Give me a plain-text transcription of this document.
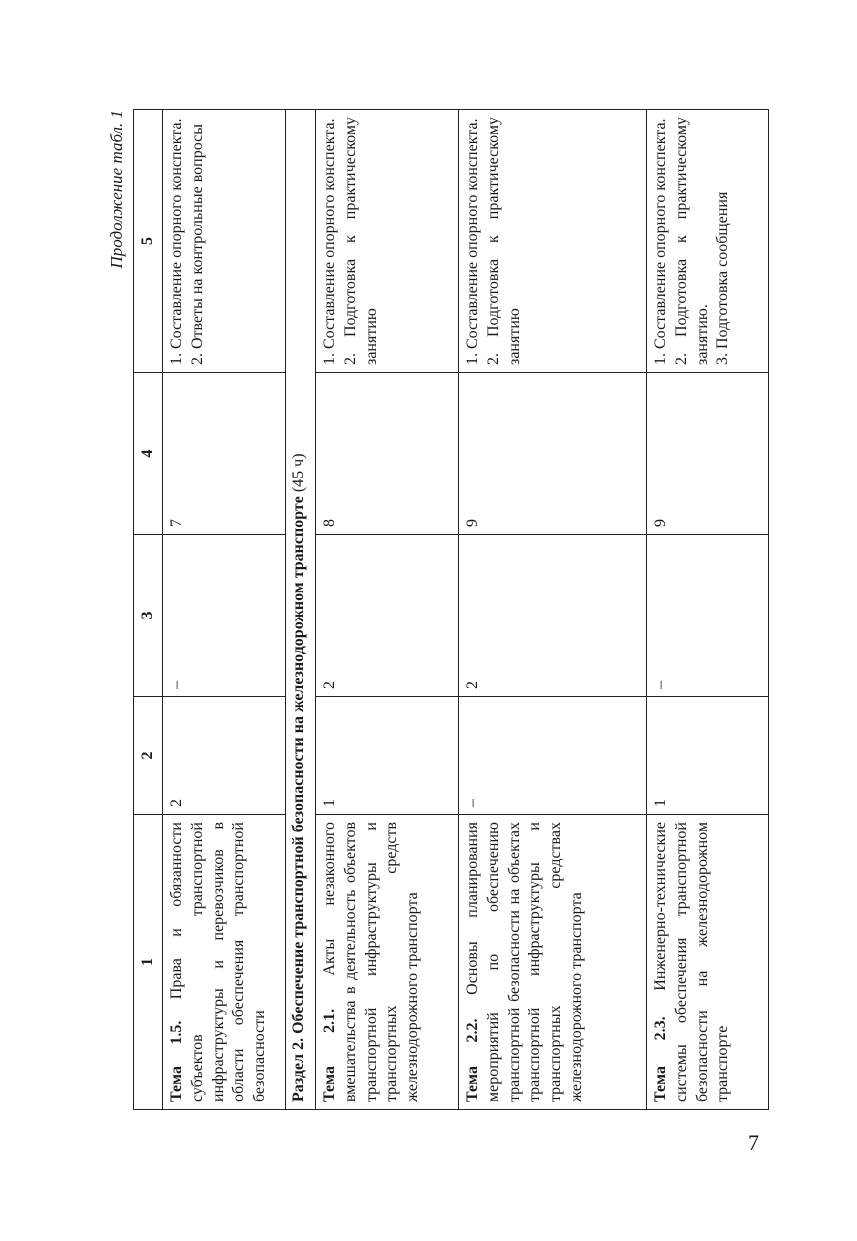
Продолжение табл. 1
1	2	3	4	5
Тема 1.5. Права и обязанности субъектов транспортной инфраструктуры и перевозчиков в области обеспечения транспортной безопасности	2	–	7	1. Составление опорного конспекта. 2. Ответы на контрольные вопросы

Раздел 2. Обеспечение транспортной безопасности на железнодорожном транспорте (45 ч)				
Тема 2.1. Акты незаконного вмешательства в деятельность объектов транспортной инфраструктуры и транспортных средств железнодорожного транспорта	1	2	8	1. Составление опорного конспекта. 2. Подготовка к практическому занятию

Тема 2.2. Основы планирования мероприятий по обеспечению транспортной безопасности на объектах транспортной инфраструктуры и транспортных средствах железнодорожного транспорта	–	2	9	1. Составление опорного конспекта. 2. Подготовка к практическому занятию

Тема 2.3. Инженерно-технические системы обеспечения транспортной безопасности на железнодорожном транспорте	1	–	9	1. Составление опорного конспекта. 2. Подготовка к практическому занятию. 3. Подготовка сообщения
7
